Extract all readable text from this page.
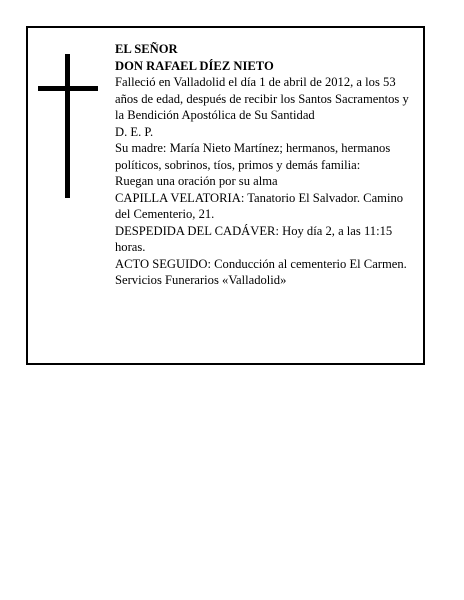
EL SEÑOR

DON RAFAEL DÍEZ NIETO

Falleció en Valladolid el día 1 de abril de 2012, a los 53 años de edad, después de recibir los Santos Sacramentos y la Bendición Apostólica de Su Santidad

D. E. P.

Su madre: María Nieto Martínez; hermanos, hermanos políticos, sobrinos, tíos, primos y demás familia:

Ruegan una oración por su alma

CAPILLA VELATORIA: Tanatorio El Salvador. Camino del Cementerio, 21.

DESPEDIDA DEL CADÁVER: Hoy día 2, a las 11:15 horas.

ACTO SEGUIDO: Conducción al cementerio El Carmen.

Servicios Funerarios «Valladolid»
